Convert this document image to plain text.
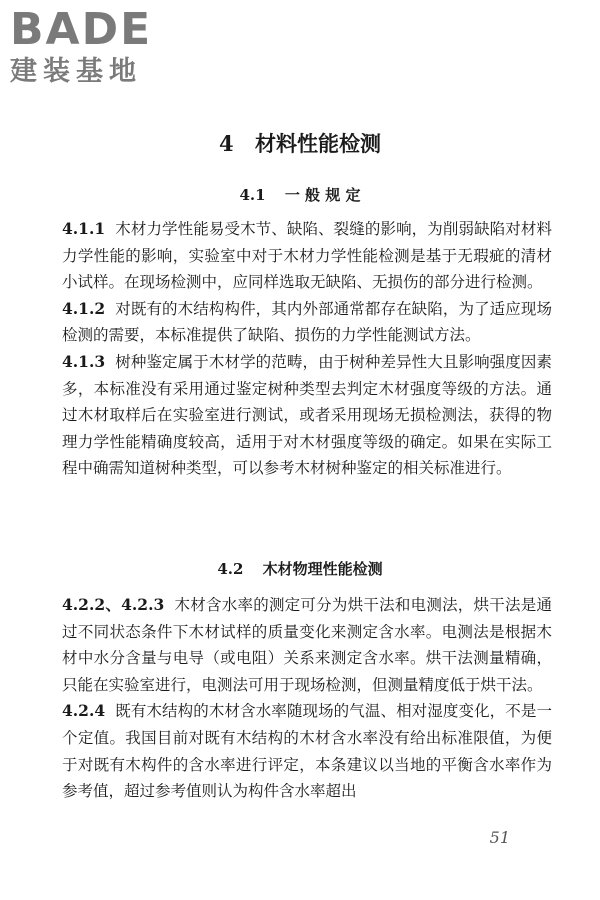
BADE
建装基地
4 材料性能检测
4.1 一 般 规 定

4.1.1 木材力学性能易受木节、缺陷、裂缝的影响，为削弱缺陷对材料力学性能的影响，实验室中对于木材力学性能检测是基于无瑕疵的清材小试样。在现场检测中，应同样选取无缺陷、无损伤的部分进行检测。

4.1.2 对既有的木结构构件，其内外部通常都存在缺陷，为了适应现场检测的需要，本标准提供了缺陷、损伤的力学性能测试方法。

4.1.3 树种鉴定属于木材学的范畴，由于树种差异性大且影响强度因素多，本标准没有采用通过鉴定树种类型去判定木材强度等级的方法。通过木材取样后在实验室进行测试，或者采用现场无损检测法，获得的物理力学性能精确度较高，适用于对木材强度等级的确定。如果在实际工程中确需知道树种类型，可以参考木材树种鉴定的相关标准进行。

4.2 木材物理性能检测

4.2.2、4.2.3 木材含水率的测定可分为烘干法和电测法，烘干法是通过不同状态条件下木材试样的质量变化来测定含水率。电测法是根据木材中水分含量与电导（或电阻）关系来测定含水率。烘干法测量精确，只能在实验室进行，电测法可用于现场检测，但测量精度低于烘干法。

4.2.4 既有木结构的木材含水率随现场的气温、相对湿度变化，不是一个定值。我国目前对既有木结构的木材含水率没有给出标准限值，为便于对既有木构件的含水率进行评定，本条建议以当地的平衡含水率作为参考值，超过参考值则认为构件含水率超出

51
